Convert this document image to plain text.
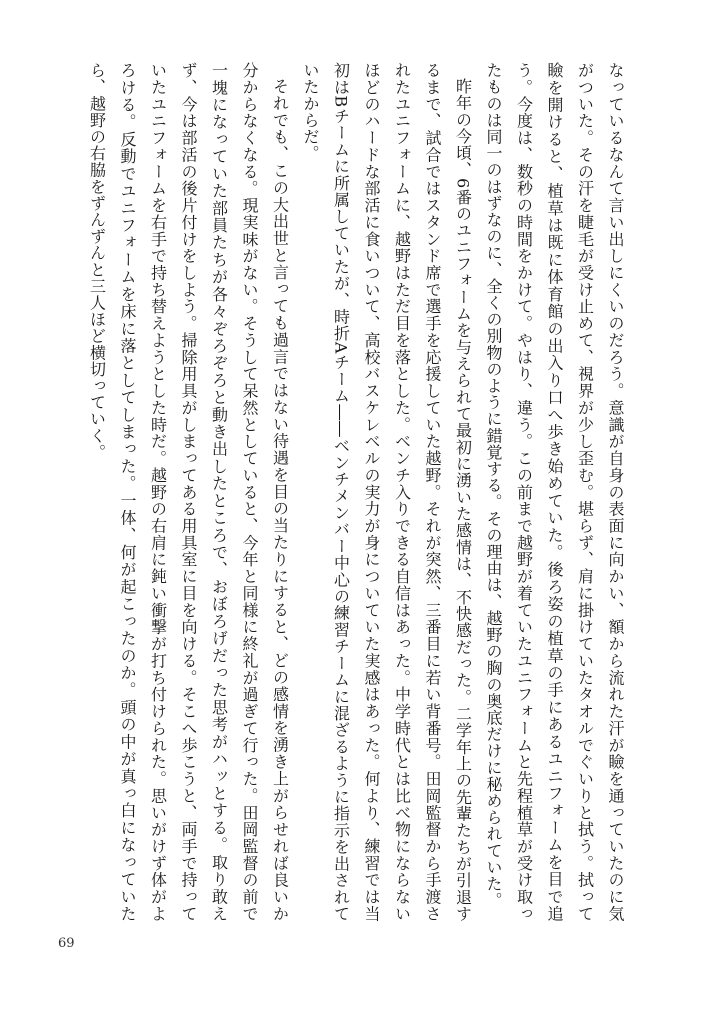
なっているなんて言い出しにくいのだろう。意識が自身の表面に向かい、額から流れた汗が瞼を通っていたのに気がついた。その汗を睫毛が受け止めて、視界が少し歪む。堪らず、肩に掛けていたタオルでぐいりと拭う。拭って瞼を開けると、植草は既に体育館の出入り口へ歩き始めていた。後ろ姿の植草の手にあるユニフォームを目で追う。今度は、数秒の時間をかけて。やはり、違う。この前まで越野が着ていたユニフォームと先程植草が受け取ったものは同一のはずなのに、全くの別物のように錯覚する。その理由は、越野の胸の奥底だけに秘められていた。

昨年の今頃、6番のユニフォームを与えられて最初に湧いた感情は、不快感だった。二学年上の先輩たちが引退するまで、試合ではスタンド席で選手を応援していた越野。それが突然、三番目に若い背番号。田岡監督から手渡されたユニフォームに、越野はただ目を落とした。ベンチ入りできる自信はあった。中学時代とは比べ物にならないほどのハードな部活に食いついて、高校バスケレベルの実力が身についていた実感はあった。何より、練習では当初はBチームに所属していたが、時折Aチーム――ベンチメンバー中心の練習チームに混ざるように指示を出されていたからだ。

それでも、この大出世と言っても過言ではない待遇を目の当たりにすると、どの感情を湧き上がらせれば良いか分からなくなる。現実味がない。そうして呆然としていると、今年と同様に終礼が過ぎて行った。田岡監督の前で一塊になっていた部員たちが各々ぞろぞろと動き出したところで、おぼろげだった思考がハッとする。取り敢えず、今は部活の後片付けをしよう。掃除用具がしまってある用具室に目を向ける。そこへ歩こうと、両手で持っていたユニフォームを右手で持ち替えようとした時だ。越野の右肩に鈍い衝撃が打ち付けられた。思いがけず体がよろける。反動でユニフォームを床に落としてしまった。一体、何が起こったのか。頭の中が真っ白になっていたら、越野の右脇をずんずんと三人ほど横切っていく。

69
